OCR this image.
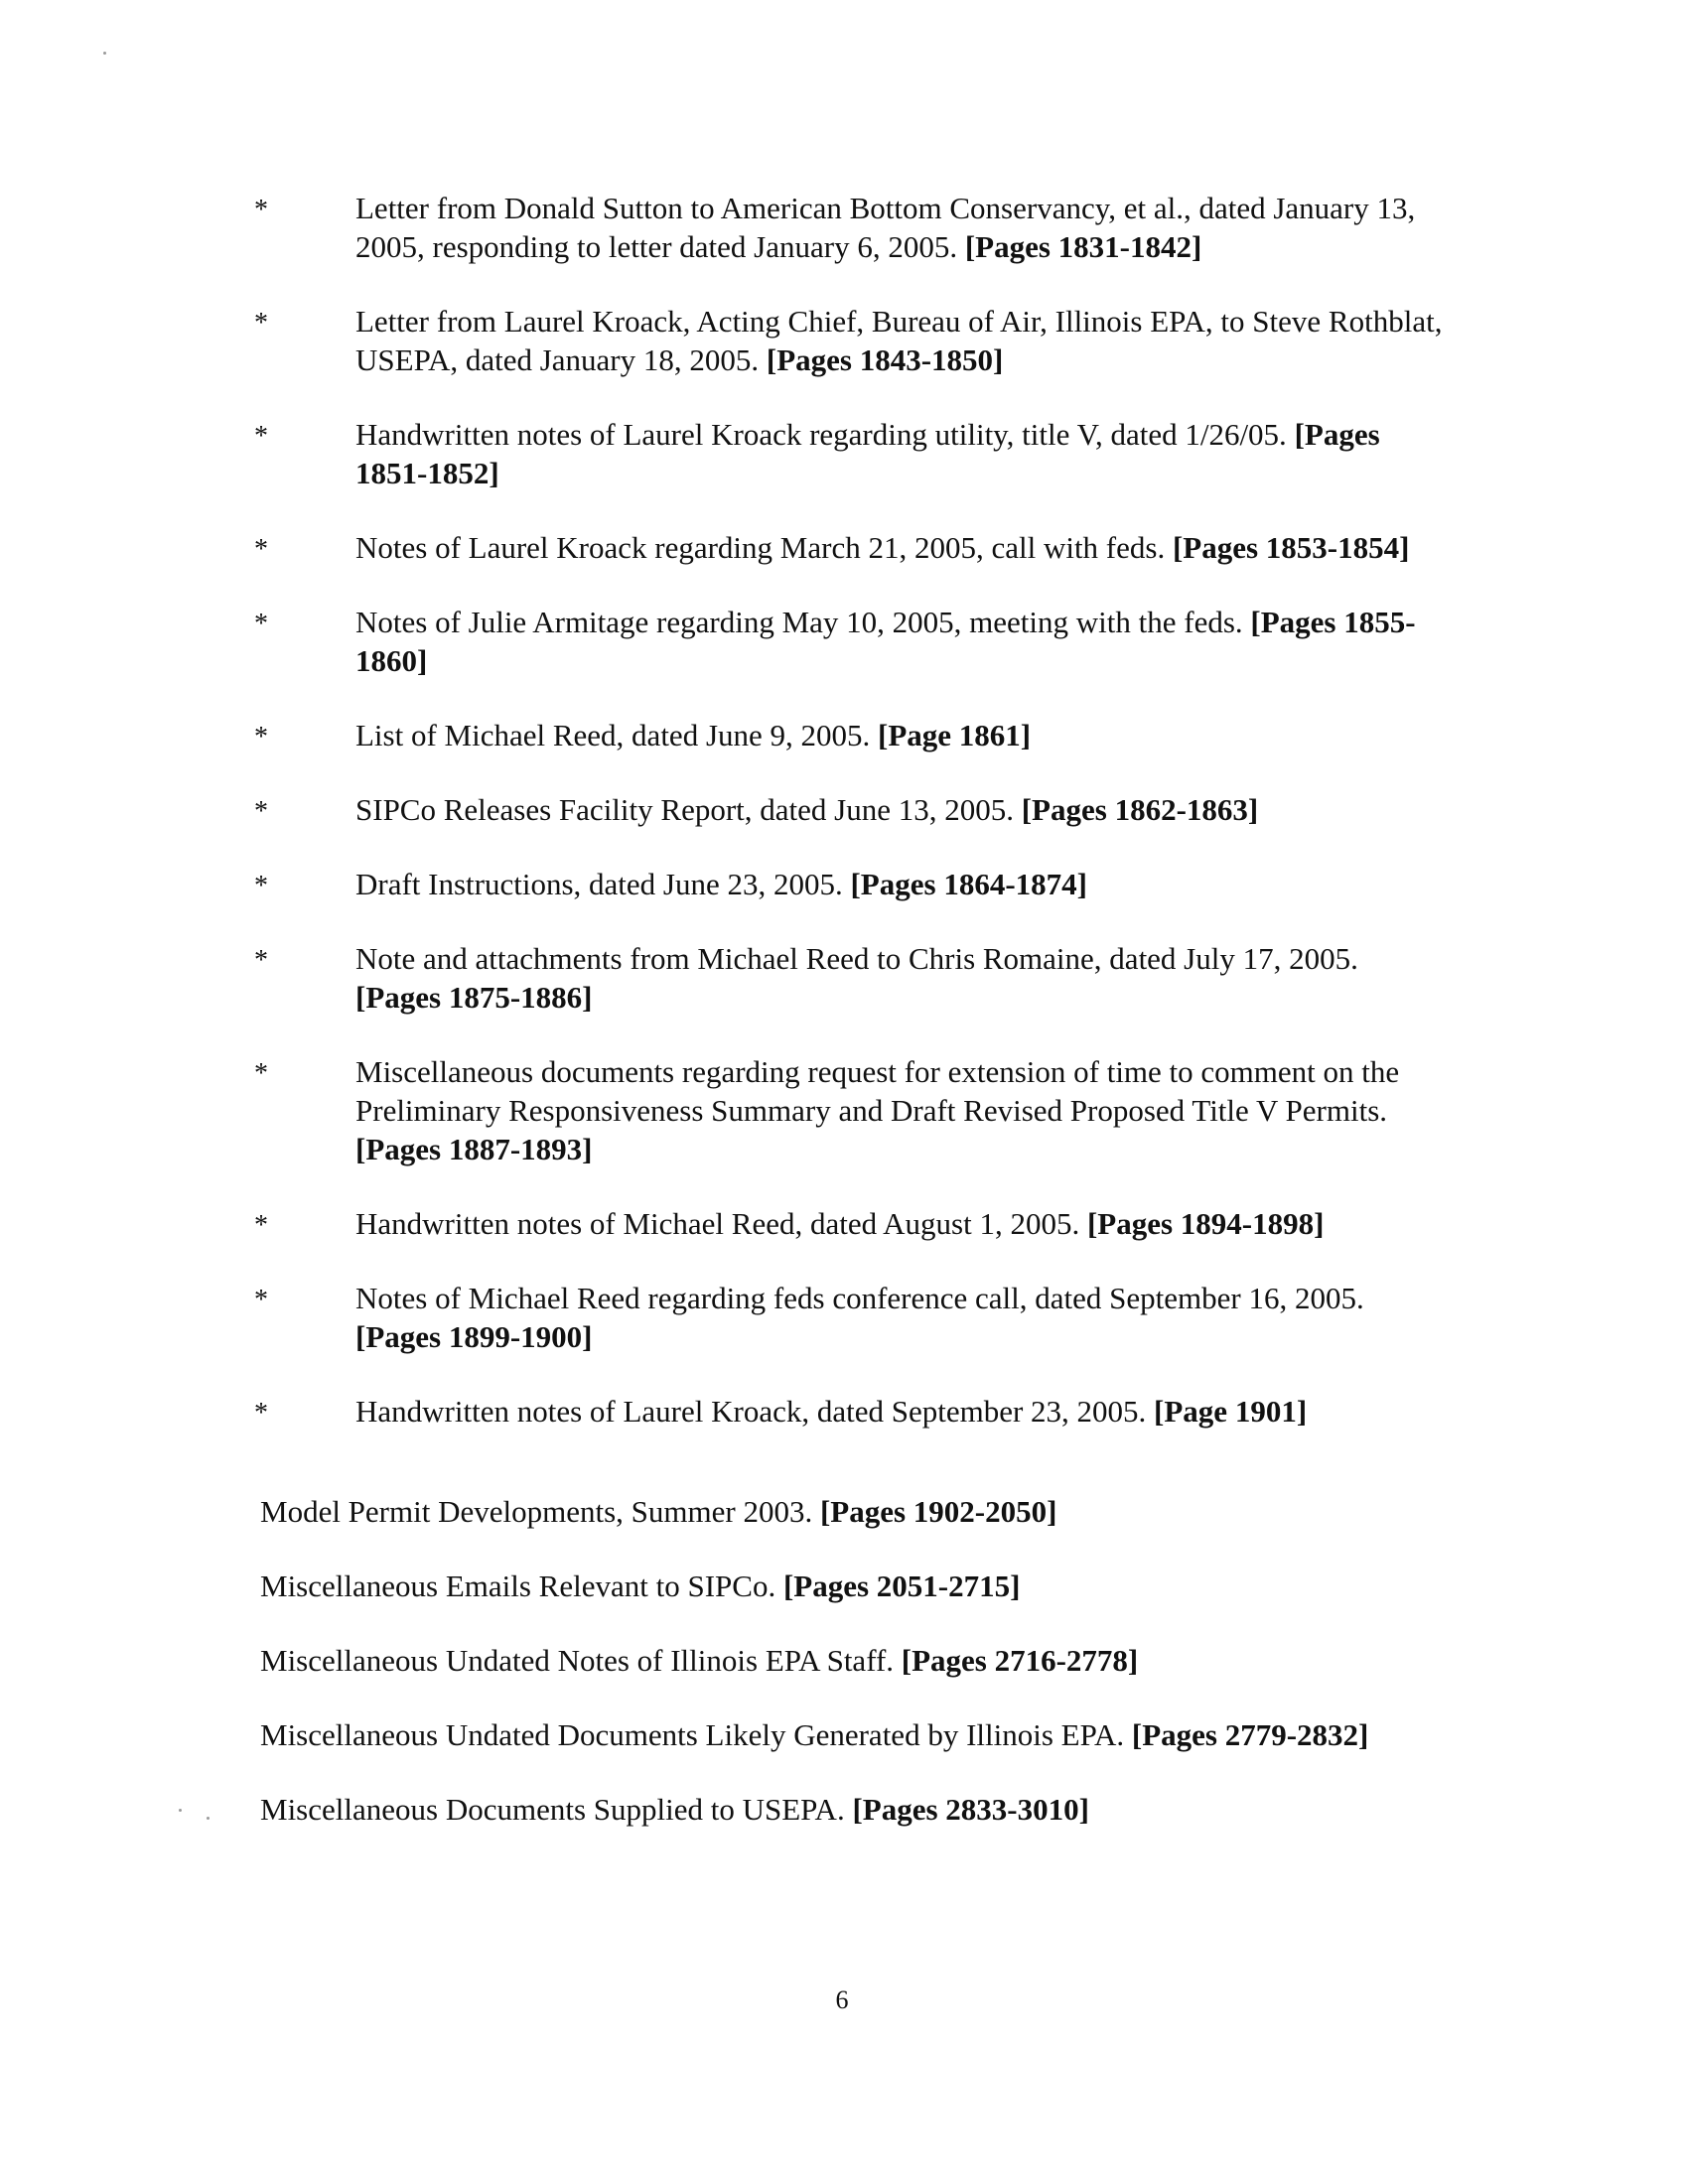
*	Letter from Donald Sutton to American Bottom Conservancy, et al., dated January 13, 2005, responding to letter dated January 6, 2005. [Pages 1831-1842]
*	Letter from Laurel Kroack, Acting Chief, Bureau of Air, Illinois EPA, to Steve Rothblat, USEPA, dated January 18, 2005. [Pages 1843-1850]
*	Handwritten notes of Laurel Kroack regarding utility, title V, dated 1/26/05. [Pages 1851-1852]
*	Notes of Laurel Kroack regarding March 21, 2005, call with feds. [Pages 1853-1854]
*	Notes of Julie Armitage regarding May 10, 2005, meeting with the feds. [Pages 1855-1860]
*	List of Michael Reed, dated June 9, 2005. [Page 1861]
*	SIPCo Releases Facility Report, dated June 13, 2005. [Pages 1862-1863]
*	Draft Instructions, dated June 23, 2005. [Pages 1864-1874]
*	Note and attachments from Michael Reed to Chris Romaine, dated July 17, 2005. [Pages 1875-1886]
*	Miscellaneous documents regarding request for extension of time to comment on the Preliminary Responsiveness Summary and Draft Revised Proposed Title V Permits. [Pages 1887-1893]
*	Handwritten notes of Michael Reed, dated August 1, 2005. [Pages 1894-1898]
*	Notes of Michael Reed regarding feds conference call, dated September 16, 2005. [Pages 1899-1900]
*	Handwritten notes of Laurel Kroack, dated September 23, 2005. [Page 1901]
Model Permit Developments, Summer 2003. [Pages 1902-2050]
Miscellaneous Emails Relevant to SIPCo. [Pages 2051-2715]
Miscellaneous Undated Notes of Illinois EPA Staff. [Pages 2716-2778]
Miscellaneous Undated Documents Likely Generated by Illinois EPA. [Pages 2779-2832]
Miscellaneous Documents Supplied to USEPA. [Pages 2833-3010]
6
